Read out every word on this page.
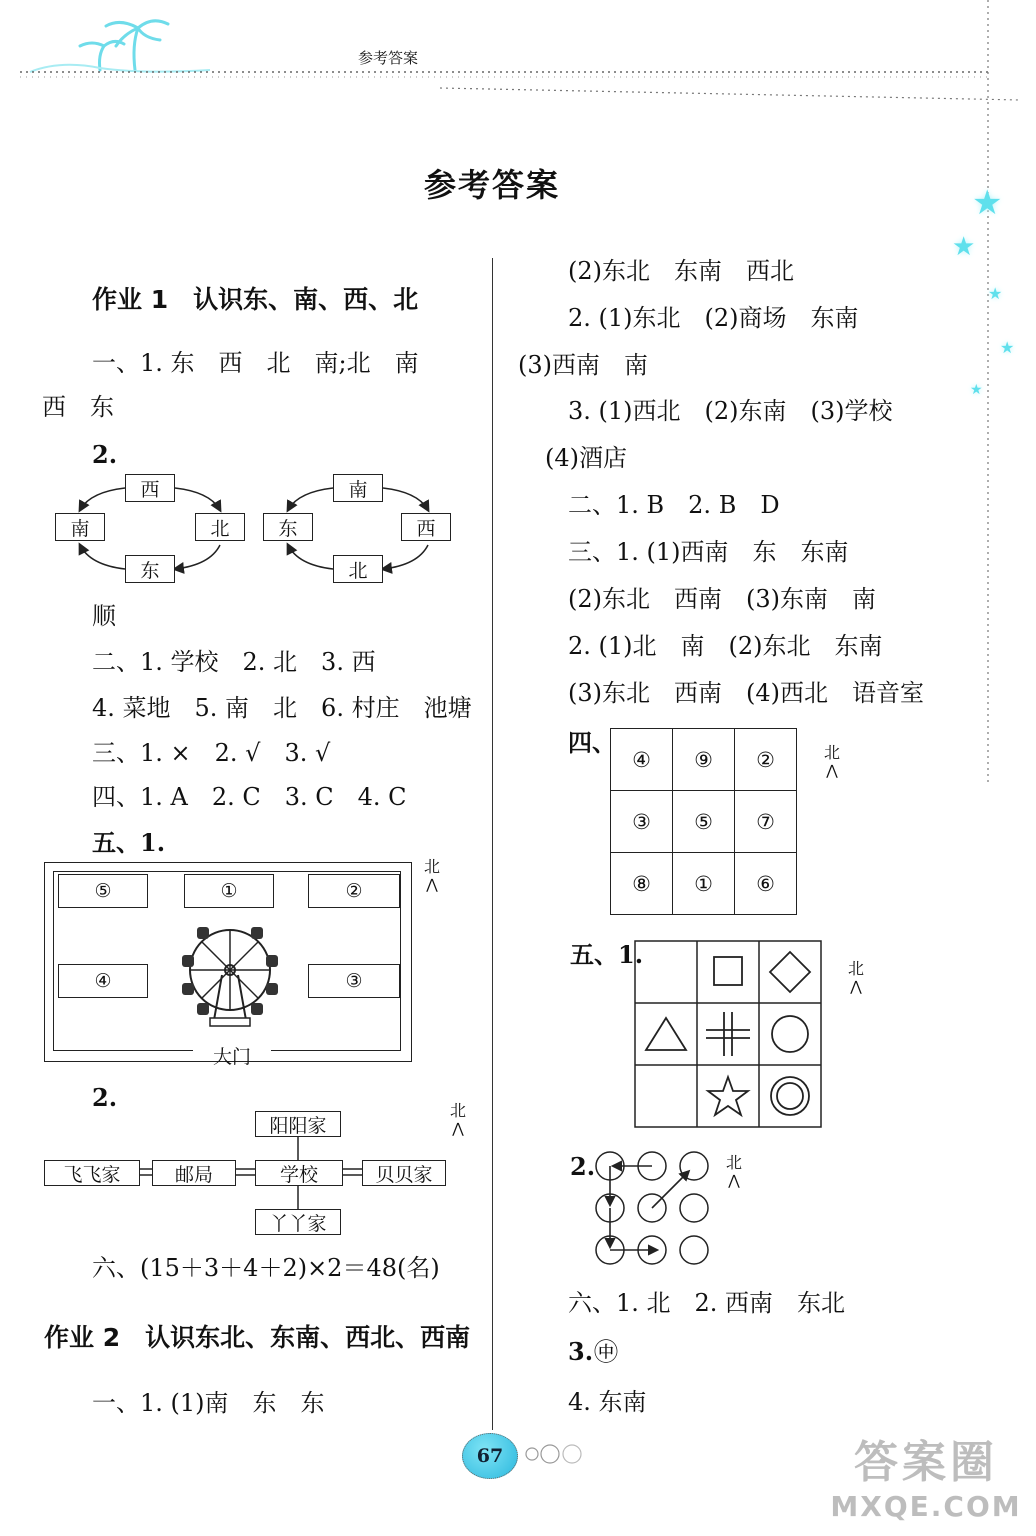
参考答案
★
★
★
★
★
参考答案
作业 1　认识东、南、西、北
一、1. 东　西　北　南;北　南
西　东
2.
西
南	北
东
南
东	西
北
顺
二、1. 学校　2. 北　3. 西
4. 菜地　5. 南　北　6. 村庄　池塘
三、1. ×　2. √　3. √
四、1. A　2. C　3. C　4. C
五、1.
⑤	①	②
④	③
大门
北
⋀
2.
阳阳家
飞飞家	邮局	学校	贝贝家
丫丫家
北
⋀
六、(15＋3＋4＋2)×2＝48(名)
作业 2　认识东北、东南、西北、西南
一、1. (1)南　东　东
(2)东北　东南　西北
2. (1)东北　(2)商场　东南
(3)西南　南
3. (1)西北　(2)东南　(3)学校
(4)酒店
二、1. B　2. B　D
三、1. (1)西南　东　东南
(2)东北　西南　(3)东南　南
2. (1)北　南　(2)东北　东南
(3)东北　西南　(4)西北　语音室
四、
④	⑨	②
③	⑤	⑦
⑧	①	⑥
北
⋀
五、1.	北
⋀
2.	北
⋀
六、1. 北　2. 西南　东北
3. ㊥
4. 东南
67	答案圈
MXQE.COM
